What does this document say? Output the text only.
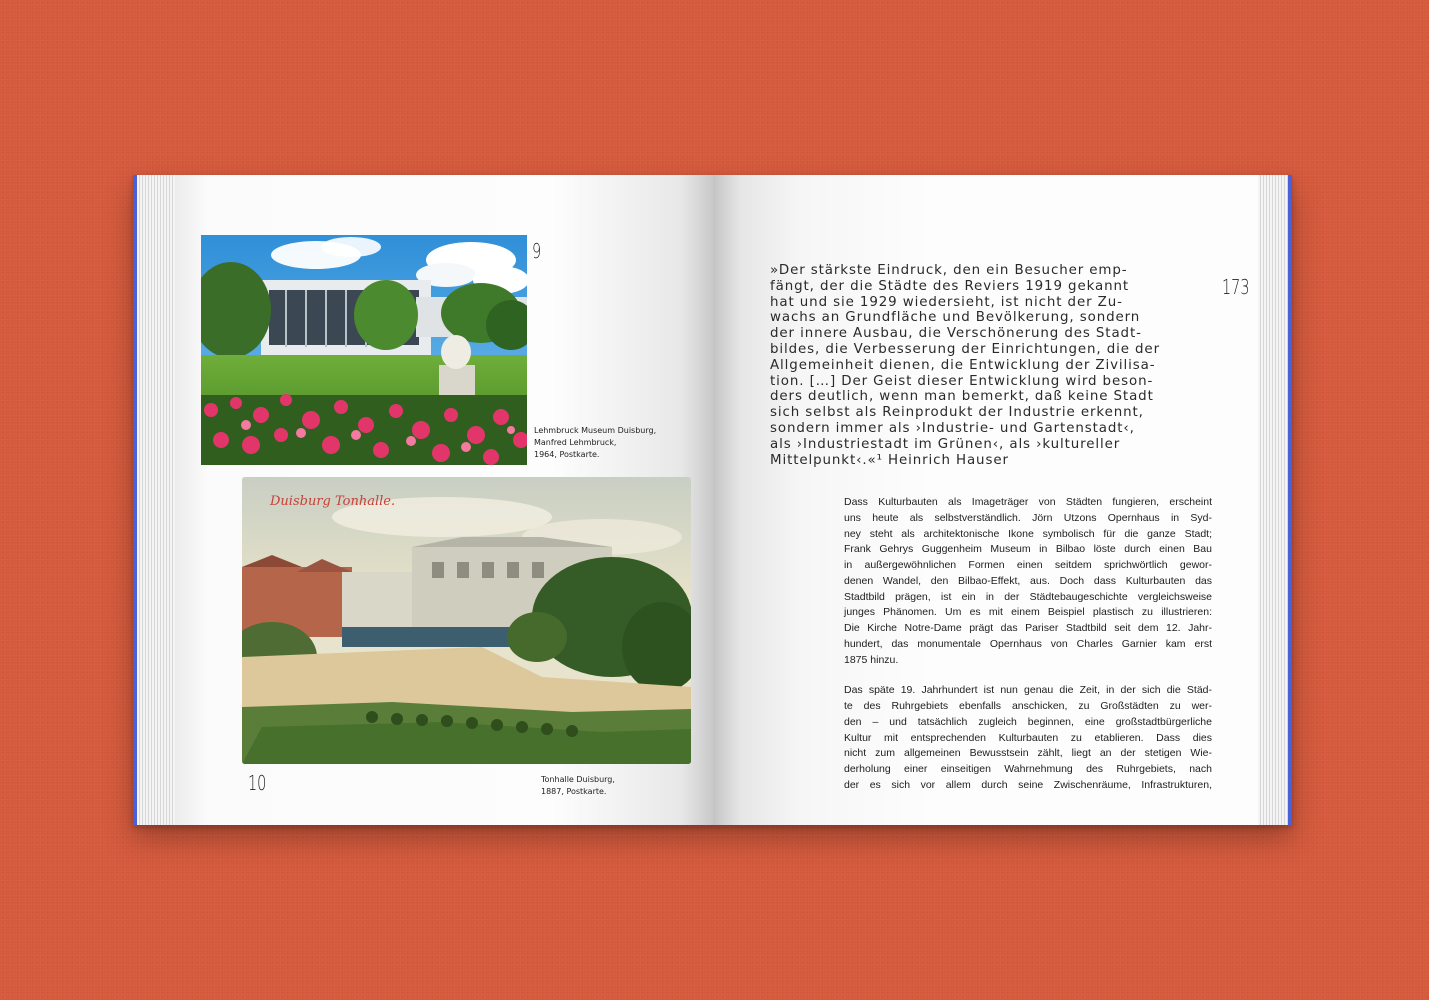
9
Lehmbruck Museum Duisburg,
Manfred Lehmbruck,
1964, Postkarte.
Duisburg Tonhalle.
10	Tonhalle Duisburg,
1887, Postkarte.
173
»Der stärkste Eindruck, den ein Besucher emp-
fängt, der die Städte des Reviers 1919 gekannt
hat und sie 1929 wiedersieht, ist nicht der Zu-
wachs an Grundfläche und Bevölkerung, sondern
der innere Ausbau, die Verschönerung des Stadt-
bildes, die Verbesserung der Einrichtungen, die der
Allgemeinheit dienen, die Entwicklung der Zivilisa-
tion. […] Der Geist dieser Entwicklung wird beson-
ders deutlich, wenn man bemerkt, daß keine Stadt
sich selbst als Reinprodukt der Industrie erkennt,
sondern immer als ›Industrie- und Gartenstadt‹,
als ›Industriestadt im Grünen‹, als ›kultureller
Mittelpunkt‹.«¹ Heinrich Hauser
Dass Kulturbauten als Imageträger von Städten fungieren, erscheint
uns heute als selbstverständlich. Jörn Utzons Opernhaus in Syd-
ney steht als architektonische Ikone symbolisch für die ganze Stadt;
Frank Gehrys Guggenheim Museum in Bilbao löste durch einen Bau
in außergewöhnlichen Formen einen seitdem sprichwörtlich gewor-
denen Wandel, den Bilbao-Effekt, aus. Doch dass Kulturbauten das
Stadtbild prägen, ist ein in der Städtebaugeschichte vergleichsweise
junges Phänomen. Um es mit einem Beispiel plastisch zu illustrieren:
Die Kirche Notre-Dame prägt das Pariser Stadtbild seit dem 12. Jahr-
hundert, das monumentale Opernhaus von Charles Garnier kam erst
1875 hinzu.
Das späte 19. Jahrhundert ist nun genau die Zeit, in der sich die Städ-
te des Ruhrgebiets ebenfalls anschicken, zu Großstädten zu wer-
den – und tatsächlich zugleich beginnen, eine großstadtbürgerliche
Kultur mit entsprechenden Kulturbauten zu etablieren. Dass dies
nicht zum allgemeinen Bewusstsein zählt, liegt an der stetigen Wie-
derholung einer einseitigen Wahrnehmung des Ruhrgebiets, nach
der es sich vor allem durch seine Zwischenräume, Infrastrukturen,
